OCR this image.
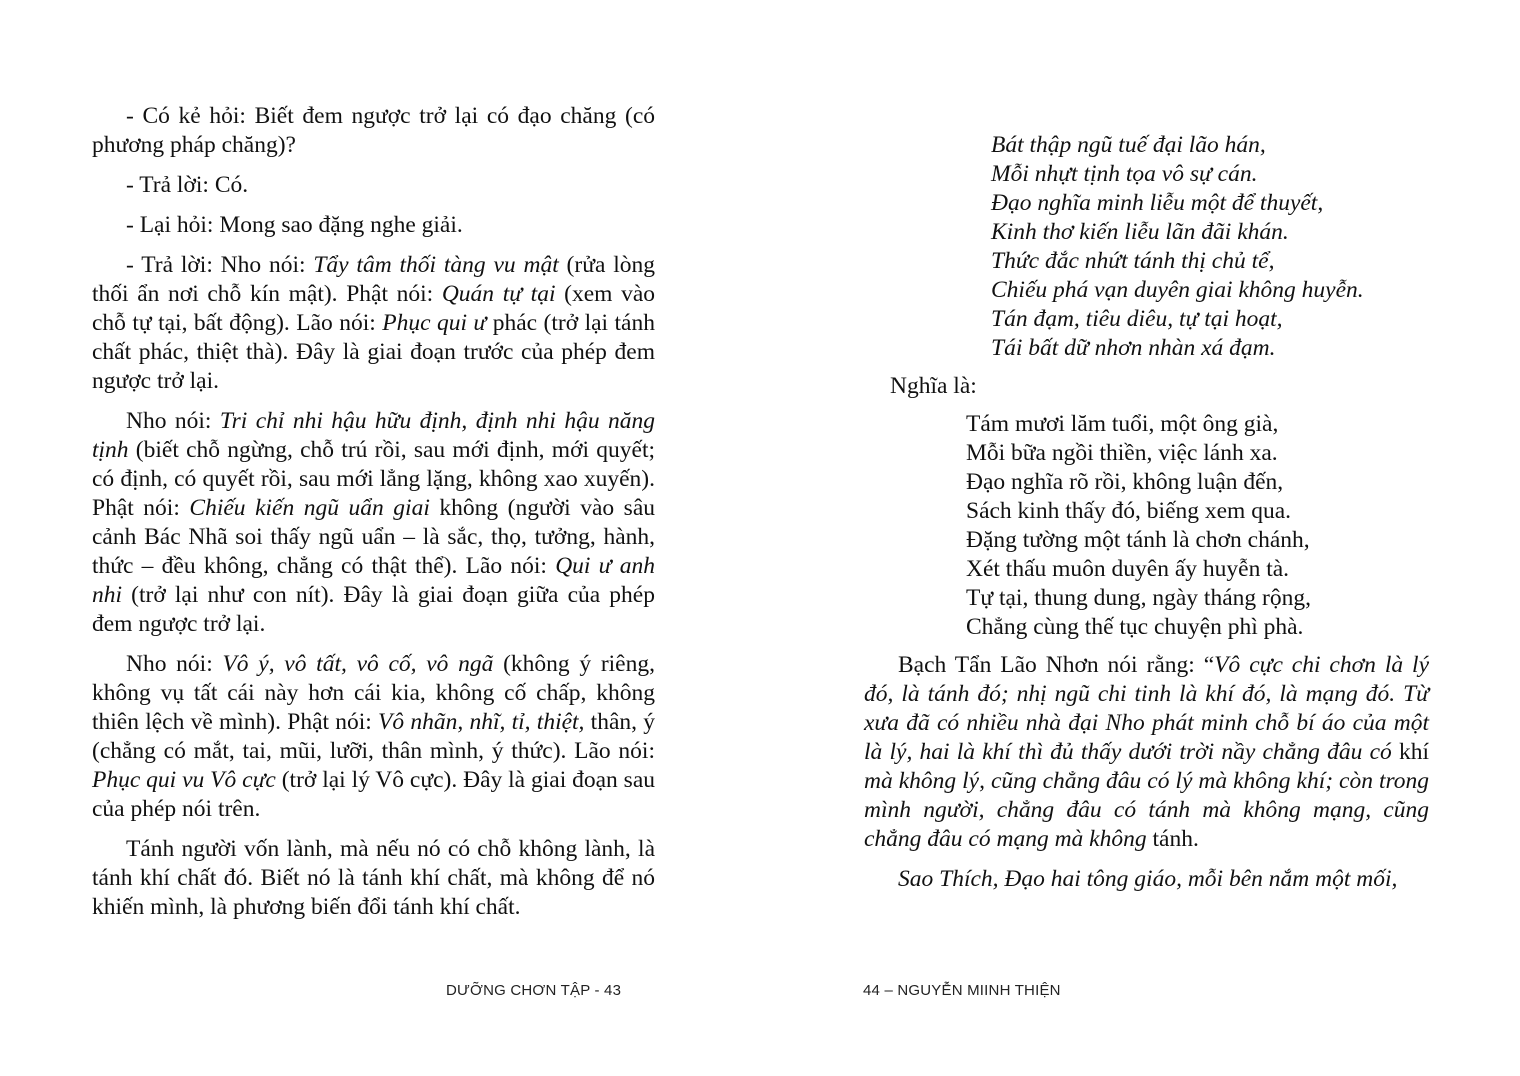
- Có kẻ hỏi: Biết đem ngược trở lại có đạo chăng (có phương pháp chăng)?

- Trả lời: Có.

- Lại hỏi: Mong sao đặng nghe giải.

- Trả lời: Nho nói: Tẩy tâm thối tàng vu mật (rửa lòng thối ẩn nơi chỗ kín mật). Phật nói: Quán tự tại (xem vào chỗ tự tại, bất động). Lão nói: Phục qui ư phác (trở lại tánh chất phác, thiệt thà). Đây là giai đoạn trước của phép đem ngược trở lại.

Nho nói: Tri chỉ nhi hậu hữu định, định nhi hậu năng tịnh (biết chỗ ngừng, chỗ trú rồi, sau mới định, mới quyết; có định, có quyết rồi, sau mới lẳng lặng, không xao xuyến). Phật nói: Chiếu kiến ngũ uẩn giai không (người vào sâu cảnh Bác Nhã soi thấy ngũ uẩn – là sắc, thọ, tưởng, hành, thức – đều không, chẳng có thật thể). Lão nói: Qui ư anh nhi (trở lại như con nít). Đây là giai đoạn giữa của phép đem ngược trở lại.

Nho nói: Vô ý, vô tất, vô cố, vô ngã (không ý riêng, không vụ tất cái này hơn cái kia, không cố chấp, không thiên lệch về mình). Phật nói: Vô nhãn, nhĩ, tỉ, thiệt, thân, ý (chẳng có mắt, tai, mũi, lưỡi, thân mình, ý thức). Lão nói: Phục qui vu Vô cực (trở lại lý Vô cực). Đây là giai đoạn sau của phép nói trên.

Tánh người vốn lành, mà nếu nó có chỗ không lành, là tánh khí chất đó. Biết nó là tánh khí chất, mà không để nó khiến mình, là phương biến đổi tánh khí chất.

DƯỠNG CHƠN TẬP - 43
Bát thập ngũ tuế đại lão hán,
Mỗi nhựt tịnh tọa vô sự cán.
Đạo nghĩa minh liễu một để thuyết,
Kinh thơ kiến liễu lãn đãi khán.
Thức đắc nhứt tánh thị chủ tể,
Chiếu phá vạn duyên giai không huyễn.
Tán đạm, tiêu diêu, tự tại hoạt,
Tái bất dữ nhơn nhàn xá đạm.
Nghĩa là:
Tám mươi lăm tuổi, một ông già,
Mỗi bữa ngồi thiền, việc lánh xa.
Đạo nghĩa rõ rồi, không luận đến,
Sách kinh thấy đó, biếng xem qua.
Đặng tường một tánh là chơn chánh,
Xét thấu muôn duyên ấy huyễn tà.
Tự tại, thung dung, ngày tháng rộng,
Chẳng cùng thế tục chuyện phì phà.

Bạch Tẩn Lão Nhơn nói rằng: “Vô cực chi chơn là lý đó, là tánh đó; nhị ngũ chi tinh là khí đó, là mạng đó. Từ xưa đã có nhiều nhà đại Nho phát minh chỗ bí áo của một là lý, hai là khí thì đủ thấy dưới trời nầy chẳng đâu có khí mà không lý, cũng chẳng đâu có lý mà không khí; còn trong mình người, chẳng đâu có tánh mà không mạng, cũng chẳng đâu có mạng mà không tánh.

Sao Thích, Đạo hai tông giáo, mỗi bên nắm một mối,

44 – NGUYỄN MIINH THIỆN
